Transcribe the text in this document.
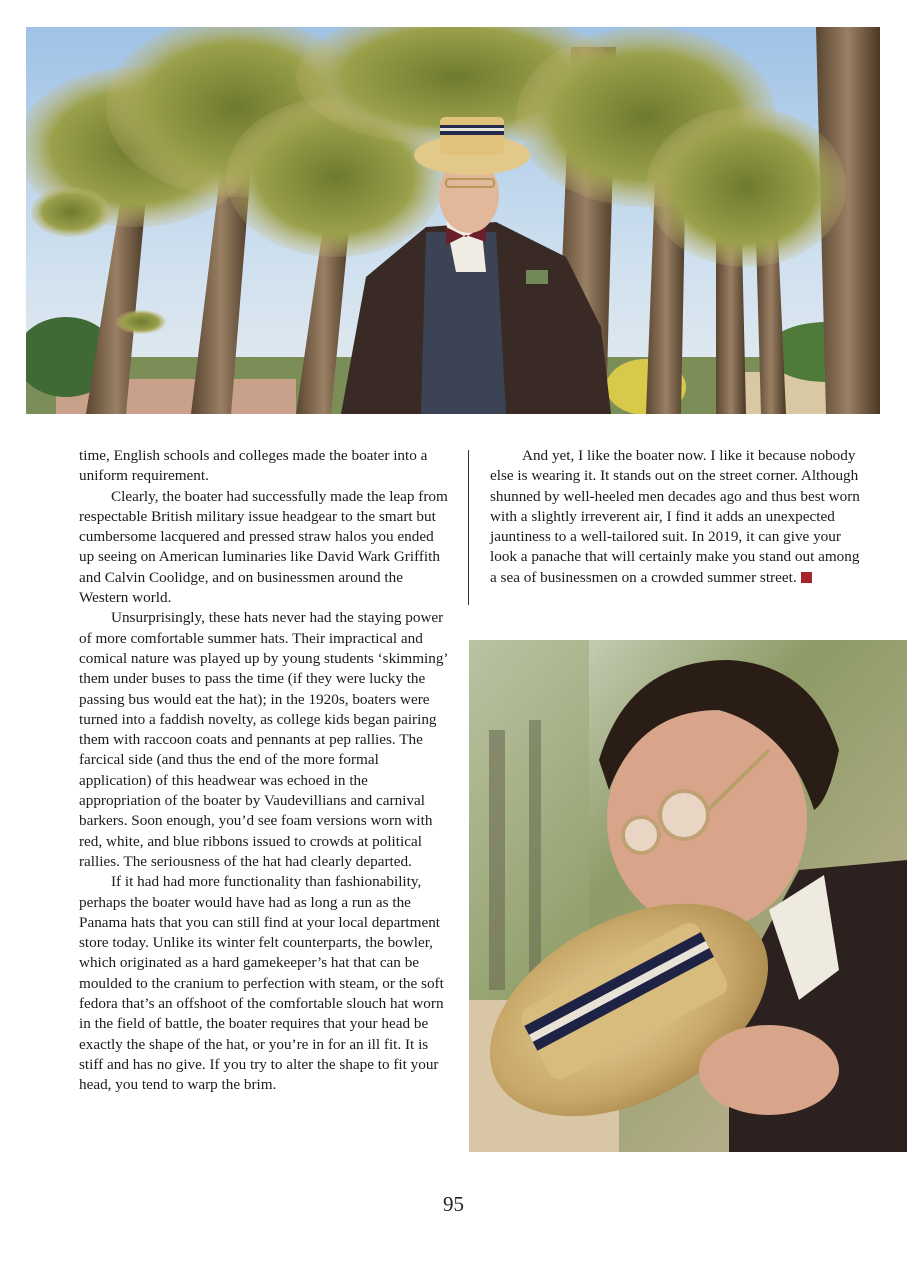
time, English schools and colleges made the boater into a uniform requirement.

Clearly, the boater had successfully made the leap from respectable British military issue headgear to the smart but cumbersome lacquered and pressed straw halos you ended up seeing on American luminaries like David Wark Griffith and Calvin Coolidge, and on businessmen around the Western world.

Unsurprisingly, these hats never had the staying power of more comfortable summer hats. Their impractical and comical nature was played up by young students ‘skimming’ them under buses to pass the time (if they were lucky the passing bus would eat the hat); in the 1920s, boaters were turned into a faddish novelty, as college kids began pairing them with raccoon coats and pennants at pep rallies. The farcical side (and thus the end of the more formal application) of this headwear was echoed in the appropriation of the boater by Vaudevillians and carnival barkers. Soon enough, you’d see foam versions worn with red, white, and blue ribbons issued to crowds at political rallies. The seriousness of the hat had clearly departed.

If it had had more functionality than fashionability, perhaps the boater would have had as long a run as the Panama hats that you can still find at your local department store today. Unlike its winter felt counterparts, the bowler, which originated as a hard gamekeeper’s hat that can be moulded to the cranium to perfection with steam, or the soft fedora that’s an offshoot of the comfortable slouch hat worn in the field of battle, the boater requires that your head be exactly the shape of the hat, or you’re in for an ill fit. It is stiff and has no give. If you try to alter the shape to fit your head, you tend to warp the brim.

And yet, I like the boater now. I like it because nobody else is wearing it. It stands out on the street corner. Although shunned by well-heeled men decades ago and thus best worn with a slightly irreverent air, I find it adds an unexpected jauntiness to a well-tailored suit. In 2019, it can give your look a panache that will certainly make you stand out among a sea of businessmen on a crowded summer street.

95
